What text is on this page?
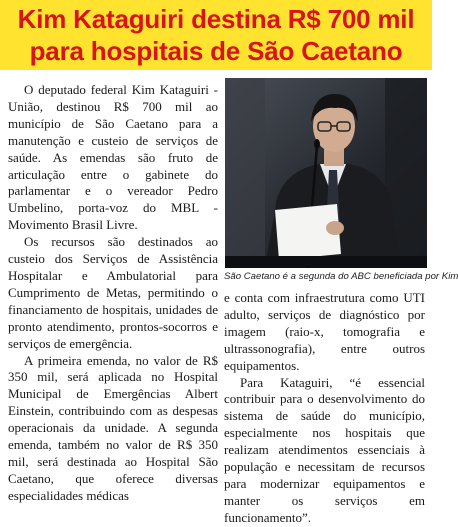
Kim Kataguiri destina R$ 700 mil
para hospitais de São Caetano

O deputado federal Kim Kataguiri - União, destinou R$ 700 mil ao município de São Caetano para a manutenção e custeio de serviços de saúde. As emendas são fruto de articulação entre o gabinete do parlamentar e o vereador Pedro Umbelino, porta-voz do MBL - Movimento Brasil Livre.

Os recursos são destinados ao custeio dos Serviços de Assistência Hospitalar e Ambulatorial para Cumprimento de Metas, permitindo o financiamento de hospitais, unidades de pronto atendimento, prontos-socorros e serviços de emergência.

A primeira emenda, no valor de R$ 350 mil, será aplicada no Hospital Municipal de Emergências Albert Einstein, contribuindo com as despesas operacionais da unidade. A segunda emenda, também no valor de R$ 350 mil, será destinada ao Hospital São Caetano, que oferece diversas especialidades médicas

São Caetano é a segunda do ABC beneficiada por Kim

e conta com infraestrutura como UTI adulto, serviços de diagnóstico por imagem (raio-x, tomografia e ultrassonografia), entre outros equipamentos.

Para Kataguiri, “é essencial contribuir para o desenvolvimento do sistema de saúde do município, especialmente nos hospitais que realizam atendimentos essenciais à população e necessitam de recursos para modernizar equipamentos e manter os serviços em funcionamento”.
